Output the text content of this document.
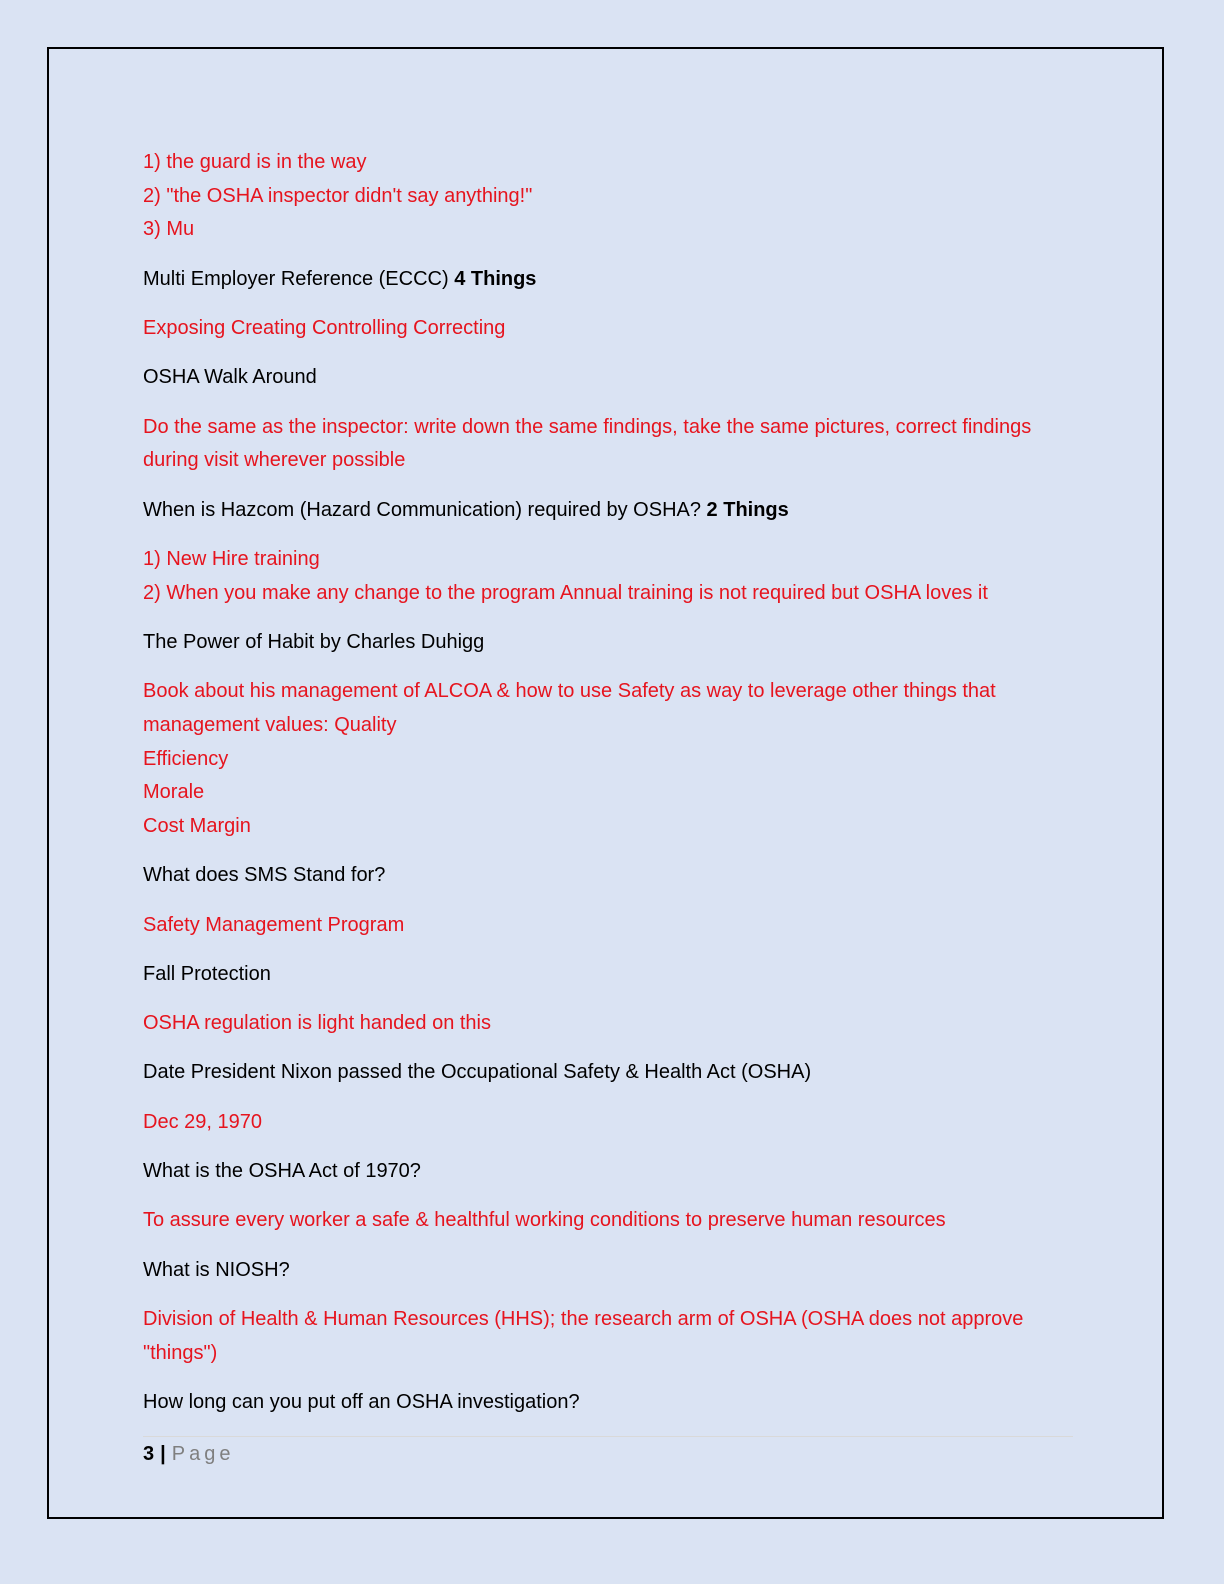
1) the guard is in the way
2) "the OSHA inspector didn't say anything!"
3) Mu
Multi Employer Reference (ECCC) 4 Things
Exposing Creating Controlling Correcting
OSHA Walk Around
Do the same as the inspector: write down the same findings, take the same pictures, correct findings during visit wherever possible
When is Hazcom (Hazard Communication) required by OSHA? 2 Things
1) New Hire training
2) When you make any change to the program Annual training is not required but OSHA loves it
The Power of Habit by Charles Duhigg
Book about his management of ALCOA & how to use Safety as way to leverage other things that management values: Quality
Efficiency
Morale
Cost Margin
What does SMS Stand for?
Safety Management Program
Fall Protection
OSHA regulation is light handed on this
Date President Nixon passed the Occupational Safety & Health Act (OSHA)
Dec 29, 1970
What is the OSHA Act of 1970?
To assure every worker a safe & healthful working conditions to preserve human resources
What is NIOSH?
Division of Health & Human Resources (HHS); the research arm of OSHA (OSHA does not approve "things")
How long can you put off an OSHA investigation?
3 | Page
